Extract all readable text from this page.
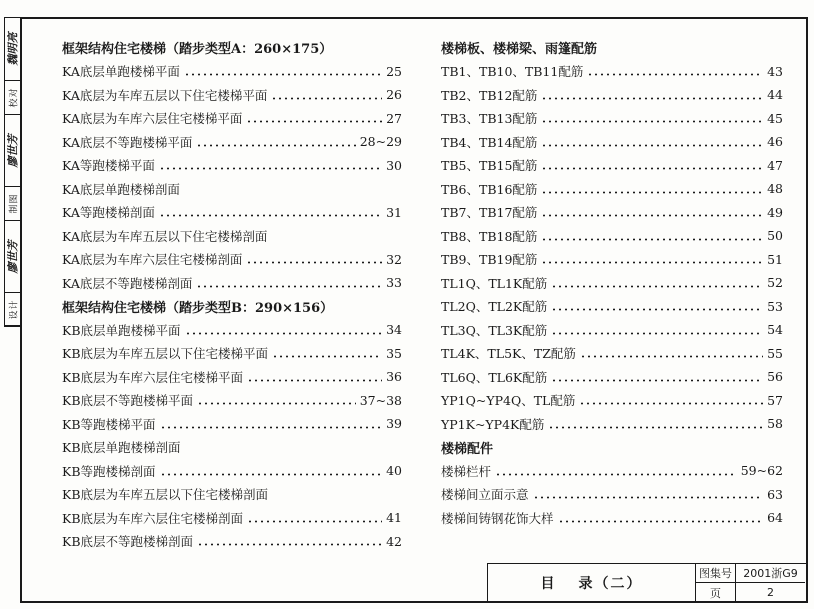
魏明亮
校对
廖世芳
制图
廖世芳
设计
框架结构住宅楼梯（踏步类型A：260×175）
KA底层单跑楼梯平面	25
KA底层为车库五层以下住宅楼梯平面	26
KA底层为车库六层住宅楼梯平面	27
KA底层不等跑楼梯平面	28~29
KA等跑楼梯平面	30
KA底层单跑楼梯剖面
KA等跑楼梯剖面	31
KA底层为车库五层以下住宅楼梯剖面
KA底层为车库六层住宅楼梯剖面	32
KA底层不等跑楼梯剖面	33
框架结构住宅楼梯（踏步类型B：290×156）
KB底层单跑楼梯平面	34
KB底层为车库五层以下住宅楼梯平面	35
KB底层为车库六层住宅楼梯平面	36
KB底层不等跑楼梯平面	37~38
KB等跑楼梯平面	39
KB底层单跑楼梯剖面
KB等跑楼梯剖面	40
KB底层为车库五层以下住宅楼梯剖面
KB底层为车库六层住宅楼梯剖面	41
KB底层不等跑楼梯剖面	42
楼梯板、楼梯梁、雨篷配筋
TB1、TB10、TB11配筋	43
TB2、TB12配筋	44
TB3、TB13配筋	45
TB4、TB14配筋	46
TB5、TB15配筋	47
TB6、TB16配筋	48
TB7、TB17配筋	49
TB8、TB18配筋	50
TB9、TB19配筋	51
TL1Q、TL1K配筋	52
TL2Q、TL2K配筋	53
TL3Q、TL3K配筋	54
TL4K、TL5K、TZ配筋	55
TL6Q、TL6K配筋	56
YP1Q~YP4Q、TL配筋	57
YP1K~YP4K配筋	58
楼梯配件
楼梯栏杆	59~62
楼梯间立面示意	63
楼梯间铸钢花饰大样	64
目 录（二）
图集号	2001浙G9
页	2
